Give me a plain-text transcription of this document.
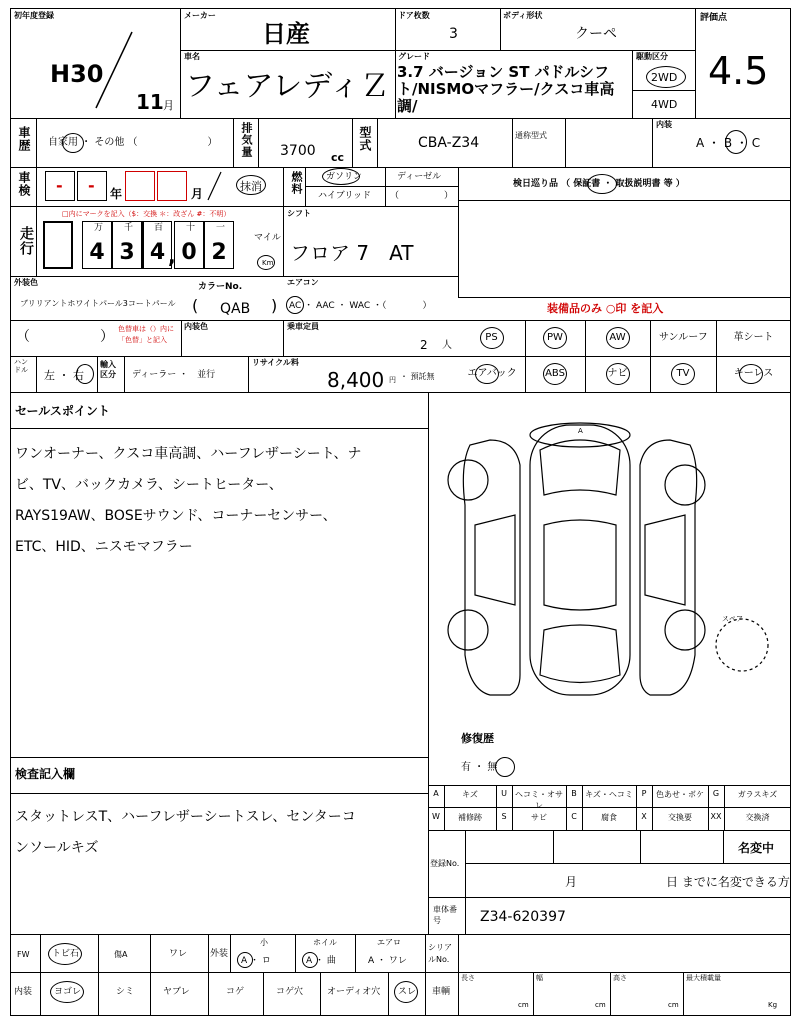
初年度登録
H30
11 月
メーカー
日産
ドア枚数
3
ボディ形状
クーペ
評価点
4.5
車名
フェアレディＺ
グレード
3.7 バージョン ST パドルシフト/NISMOマフラー/クスコ車高調/
駆動区分
2WD
4WD
車歴 自家用 ・ その他 （　　　　　　　） 排気量 3700 cc
型式	CBA-Z34	通称型式
内装
A ・ B ・ C
車検 - - 年	月
抹消	燃料	ガソリン	ディーゼル
ハイブリッド （　　　　　）
検日巡り品 （ 保証書 ・ 取扱説明書 等 ）
走行
□内にマークを記入（$：交換 ＊：改ざん #：不明）
4
万
3
千
4
百
0
十
2
一
,
マイル
Km
シフト
フロア 7　AT
外装色
ブリリアントホワイトパール3コートパール
カラーNo.
( QAB )
エアコン
AC ・ AAC ・ WAC ・（　　　　）	装備品のみ ○印 を記入
（　　　　　） 色替車は（）内に「色替」と記入
内装色	乗車定員
2 人
PS	PW	AW	サンルーフ	革シート
エアバック	ABS	ナビ	TV	キーレス
ハンドル 左 ・ 右
輸入区分	ディーラー ・　並行
リサイクル料
8,400 円 ・ 預託無
セールスポイント
ワンオーナー、クスコ車高調、ハーフレザーシート、ナ
ビ、TV、バックカメラ、シートヒーター、
RAYS19AW、BOSEサウンド、コーナーセンサー、
ETC、HID、ニスモマフラー
A
スペア
修復歴
有 ・ 無
検査記入欄
スタットレスT、ハーフレザーシートスレ、センターコ
ンソールキズ
A	キズ	U	ヘコミ・オサレ
B	キズ・ヘコミ	P	色あせ・ボケ	G	ガラスキズ
W	補修跡	S	サビ	C	腐食	X	交換要	XX	交換済
登録No.
名変中
月	日 までに名変できる方
車体番号	Z34-620397
FW トビ石	傷A	ワレ	外装
小
A ・ ロ
ホイル
A ・ 曲
エアロ
A ・ ワレ
シリアルNo.
内装 ヨゴレ	シミ	ヤブレ	コゲ	コゲ穴	オーディオ穴 スレ 車輌
長さ
cm
幅
cm
高さ
cm
最大積載量
Kg
